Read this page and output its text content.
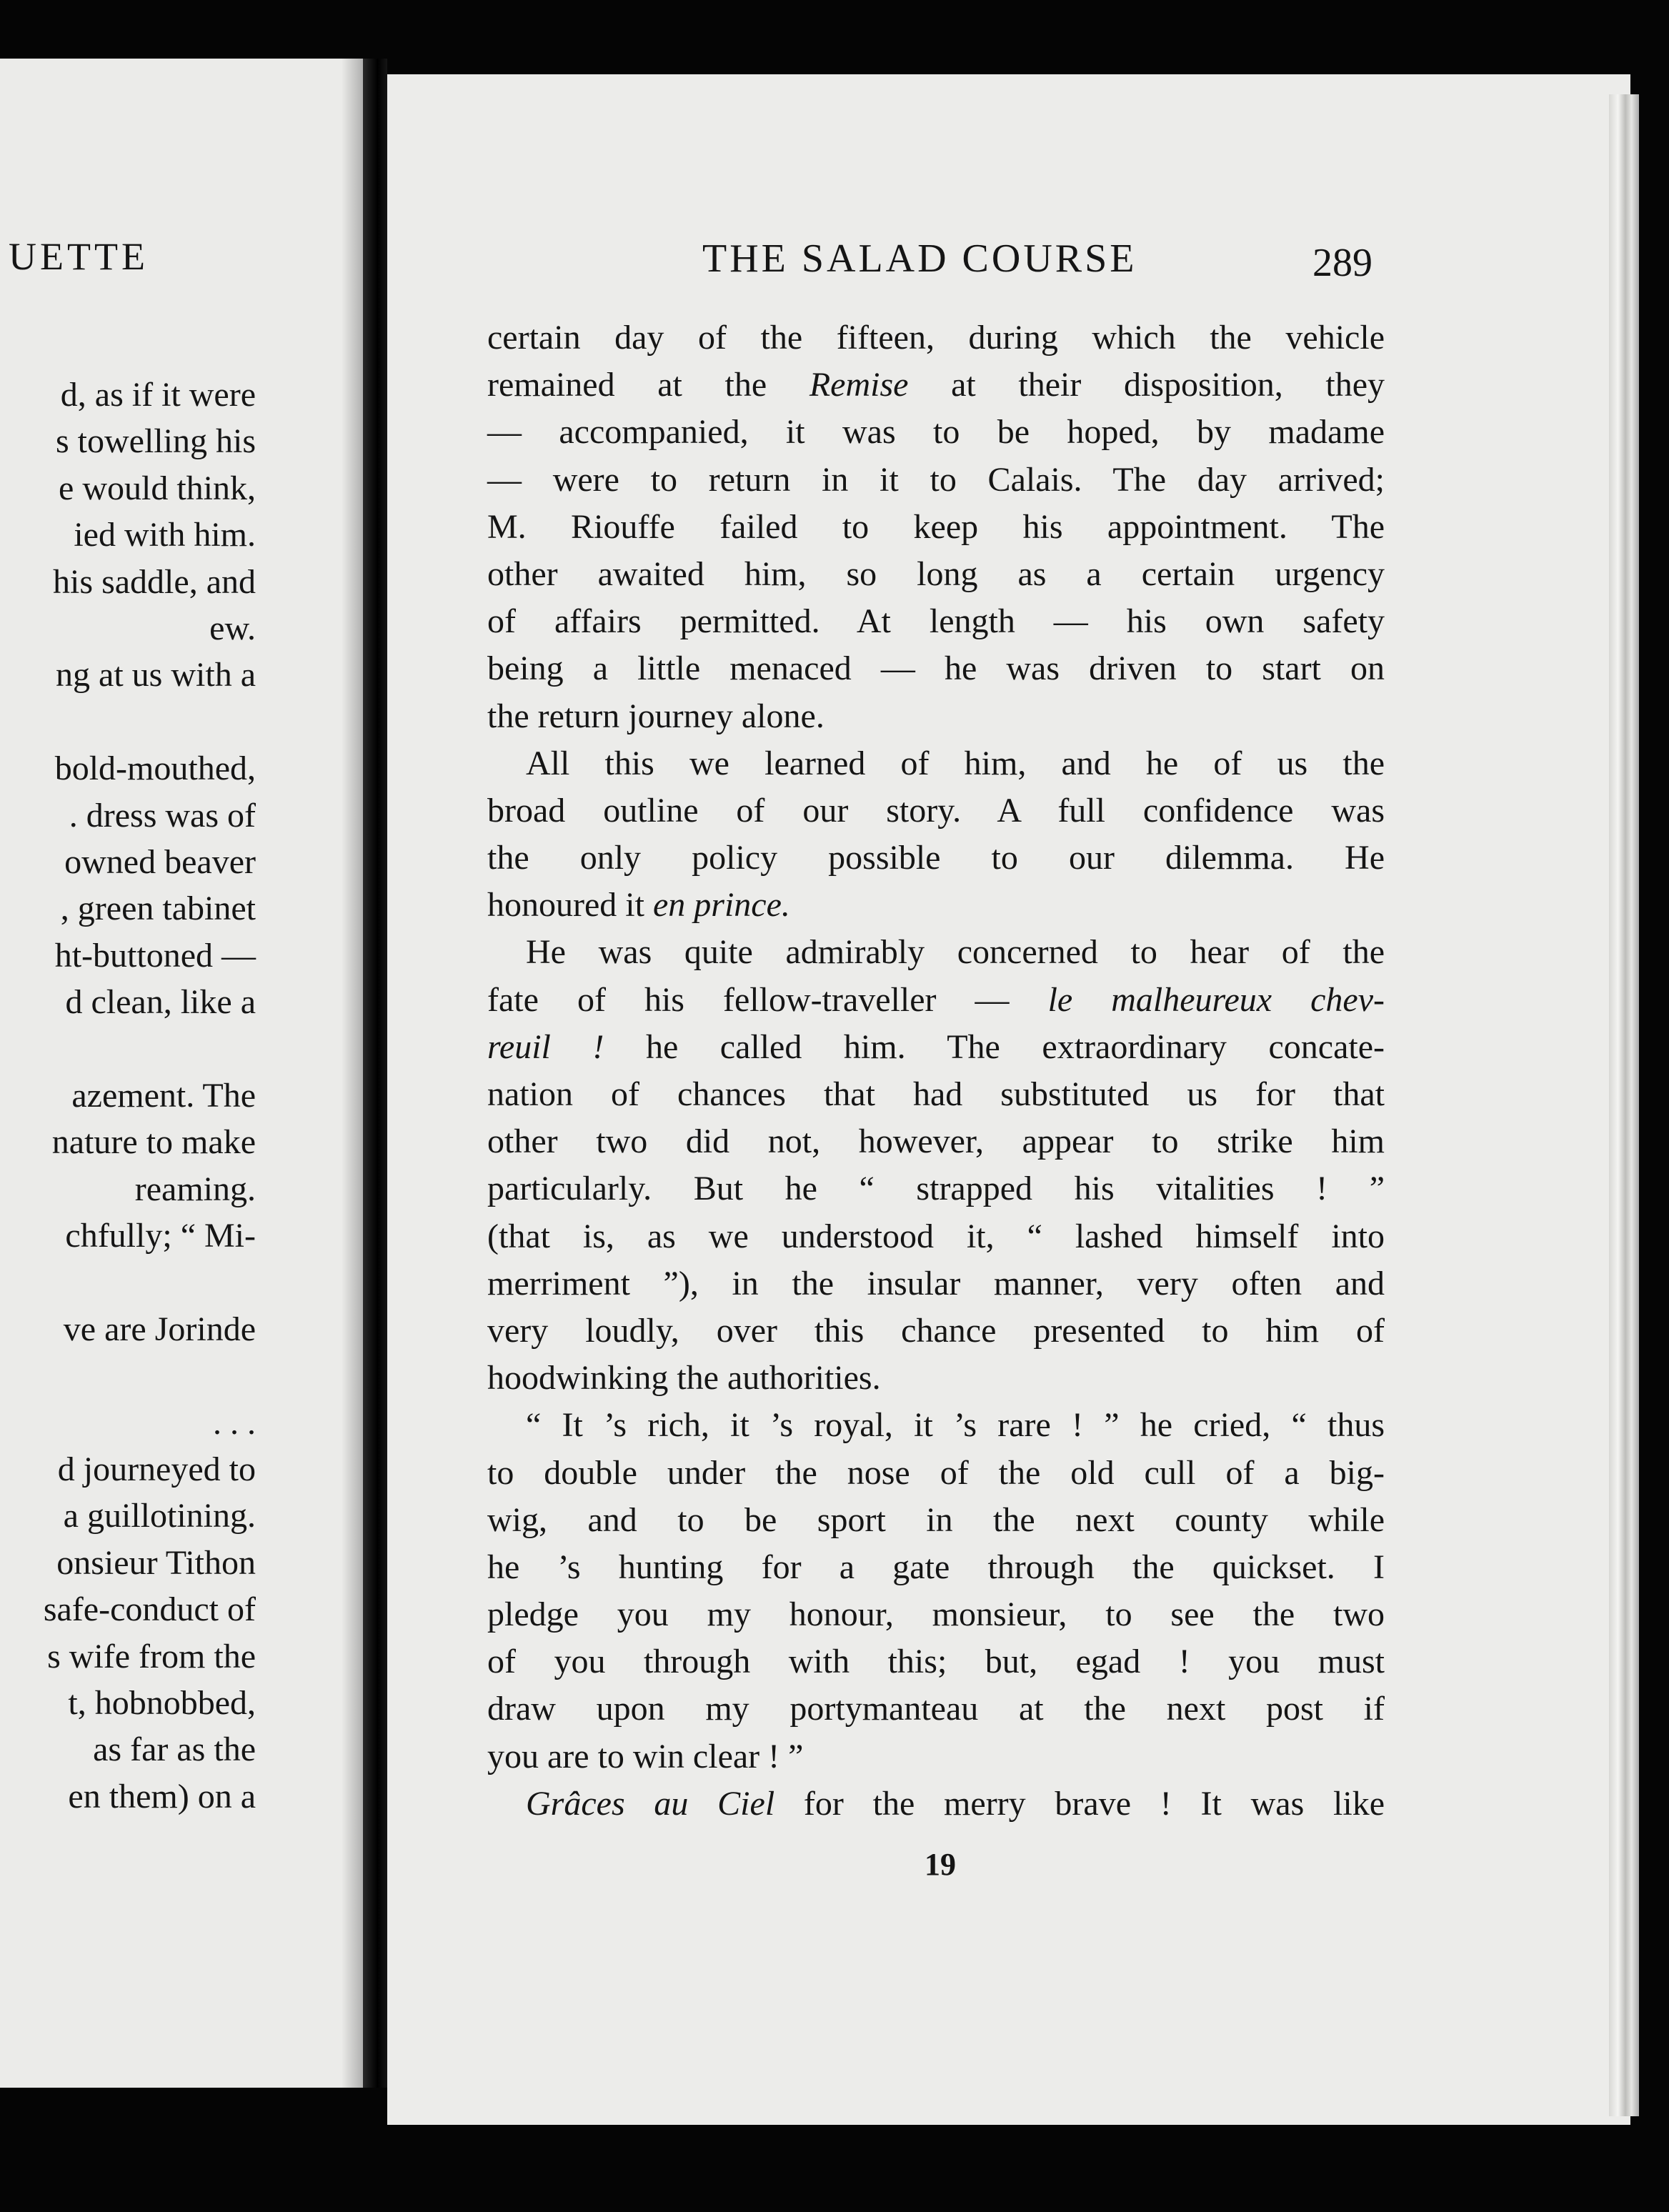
UETTE
d, as if it were
s towelling his
e would think,
ied with him.
his saddle, and
ew.
ng at us with a
bold-mouthed,
. dress was of
owned beaver
, green tabinet
ht-buttoned —
d clean, like a
azement. The
nature to make
reaming.
chfully; “ Mi-
ve are Jorinde
. . .
d journeyed to
a guillotining.
onsieur Tithon
safe-conduct of
s wife from the
t, hobnobbed,
as far as the
en them) on a
THE SALAD COURSE	289
certain day of the fifteen, during which the vehicle
remained at the Remise at their disposition, they
— accompanied, it was to be hoped, by madame
— were to return in it to Calais. The day arrived;
M. Riouffe failed to keep his appointment. The
other awaited him, so long as a certain urgency
of affairs permitted. At length — his own safety
being a little menaced — he was driven to start on
the return journey alone.
All this we learned of him, and he of us the
broad outline of our story. A full confidence was
the only policy possible to our dilemma. He
honoured it en prince.
He was quite admirably concerned to hear of the
fate of his fellow-traveller — le malheureux chev-
reuil ! he called him. The extraordinary concate-
nation of chances that had substituted us for that
other two did not, however, appear to strike him
particularly. But he “ strapped his vitalities ! ”
(that is, as we understood it, “ lashed himself into
merriment ”), in the insular manner, very often and
very loudly, over this chance presented to him of
hoodwinking the authorities.
“ It ’s rich, it ’s royal, it ’s rare ! ” he cried, “ thus
to double under the nose of the old cull of a big-
wig, and to be sport in the next county while
he ’s hunting for a gate through the quickset. I
pledge you my honour, monsieur, to see the two
of you through with this; but, egad ! you must
draw upon my portymanteau at the next post if
you are to win clear ! ”
Grâces au Ciel for the merry brave ! It was like
19
